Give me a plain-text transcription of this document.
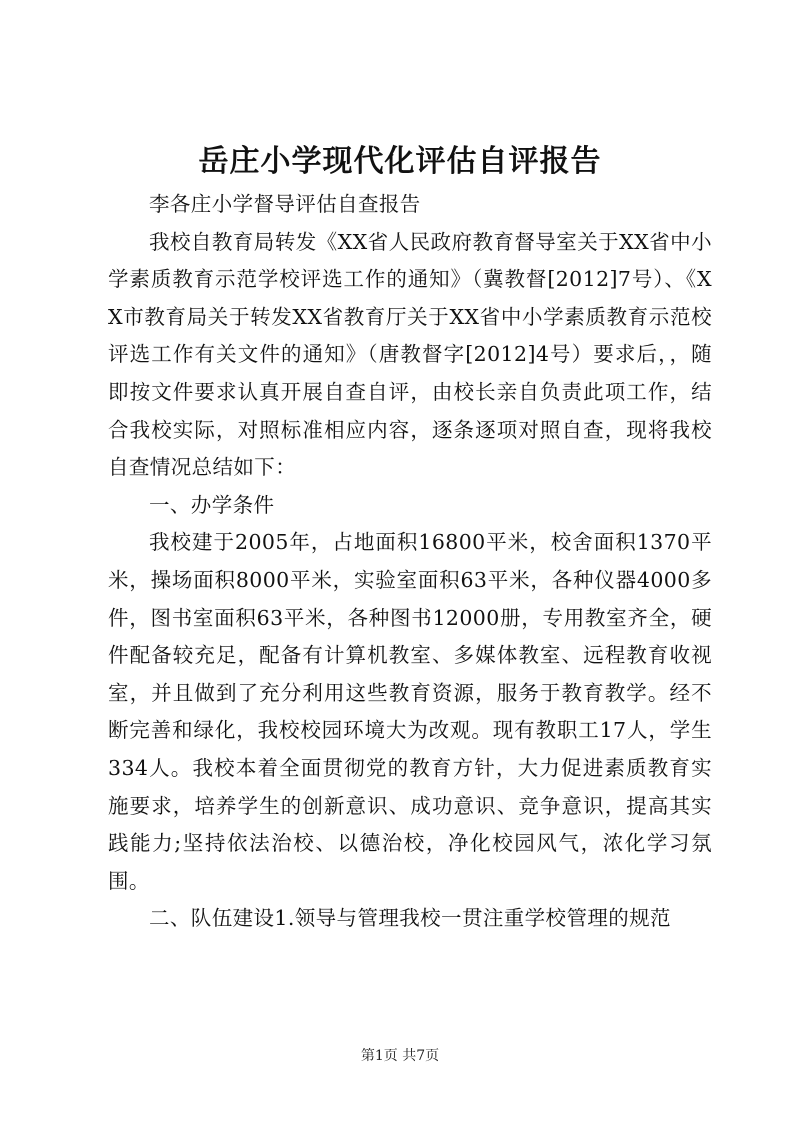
岳庄小学现代化评估自评报告

李各庄小学督导评估自查报告

我校自教育局转发《XX省人民政府教育督导室关于XX省中小学素质教育示范学校评选工作的通知》（冀教督[2012]7号）、《XX市教育局关于转发XX省教育厅关于XX省中小学素质教育示范校评选工作有关文件的通知》（唐教督字[2012]4号）要求后，，随即按文件要求认真开展自查自评，由校长亲自负责此项工作，结合我校实际，对照标准相应内容，逐条逐项对照自查，现将我校自查情况总结如下：

一、办学条件

我校建于2005年，占地面积16800平米，校舍面积1370平米，操场面积8000平米，实验室面积63平米，各种仪器4000多件，图书室面积63平米，各种图书12000册，专用教室齐全，硬件配备较充足，配备有计算机教室、多媒体教室、远程教育收视室，并且做到了充分利用这些教育资源，服务于教育教学。经不断完善和绿化，我校校园环境大为改观。现有教职工17人，学生334人。我校本着全面贯彻党的教育方针，大力促进素质教育实施要求，培养学生的创新意识、成功意识、竞争意识，提高其实践能力;坚持依法治校、以德治校，净化校园风气，浓化学习氛围。

二、队伍建设1.领导与管理我校一贯注重学校管理的规范

第1页 共7页
